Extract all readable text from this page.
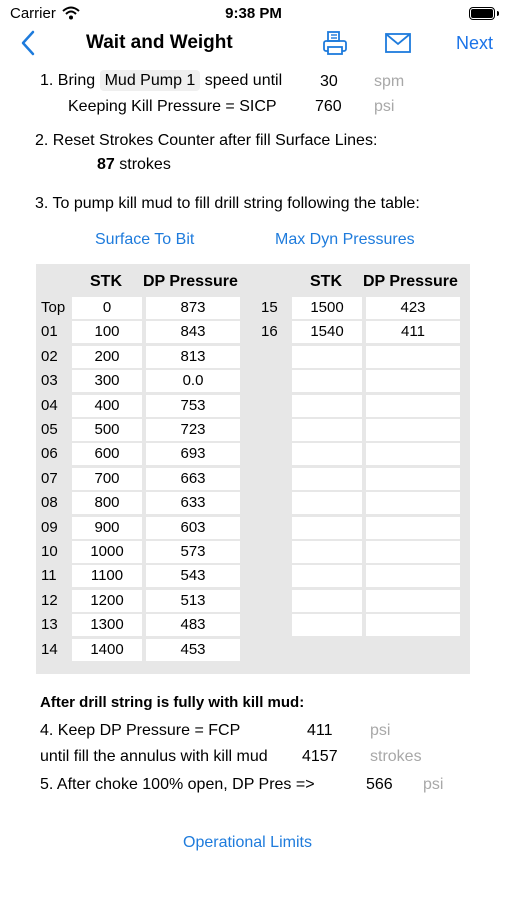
Carrier	9:38 PM
Wait and Weight	Next
1. Bring Mud Pump 1 speed until 30 spm
Keeping Kill Pressure = SICP 760 psi
2. Reset Strokes Counter after fill Surface Lines:
87 strokes
3. To pump kill mud to fill drill string following the table:
Surface To Bit	Max Dyn Pressures
STK DP Pressure	STK DP Pressure
Top	0	873
01	100	843
02	200	813
03	300	0.0
04	400	753
05	500	723
06	600	693
07	700	663
08	800	633
09	900	603
10	1000	573
11	1100	543
12	1200	513
13	1300	483
14	1400	453
15	1500	423
16	1540	411
After drill string is fully with kill mud:
4. Keep DP Pressure = FCP	411 psi
until fill the annulus with kill mud 4157 strokes
5. After choke 100% open, DP Pres =>	566 psi
Operational Limits
